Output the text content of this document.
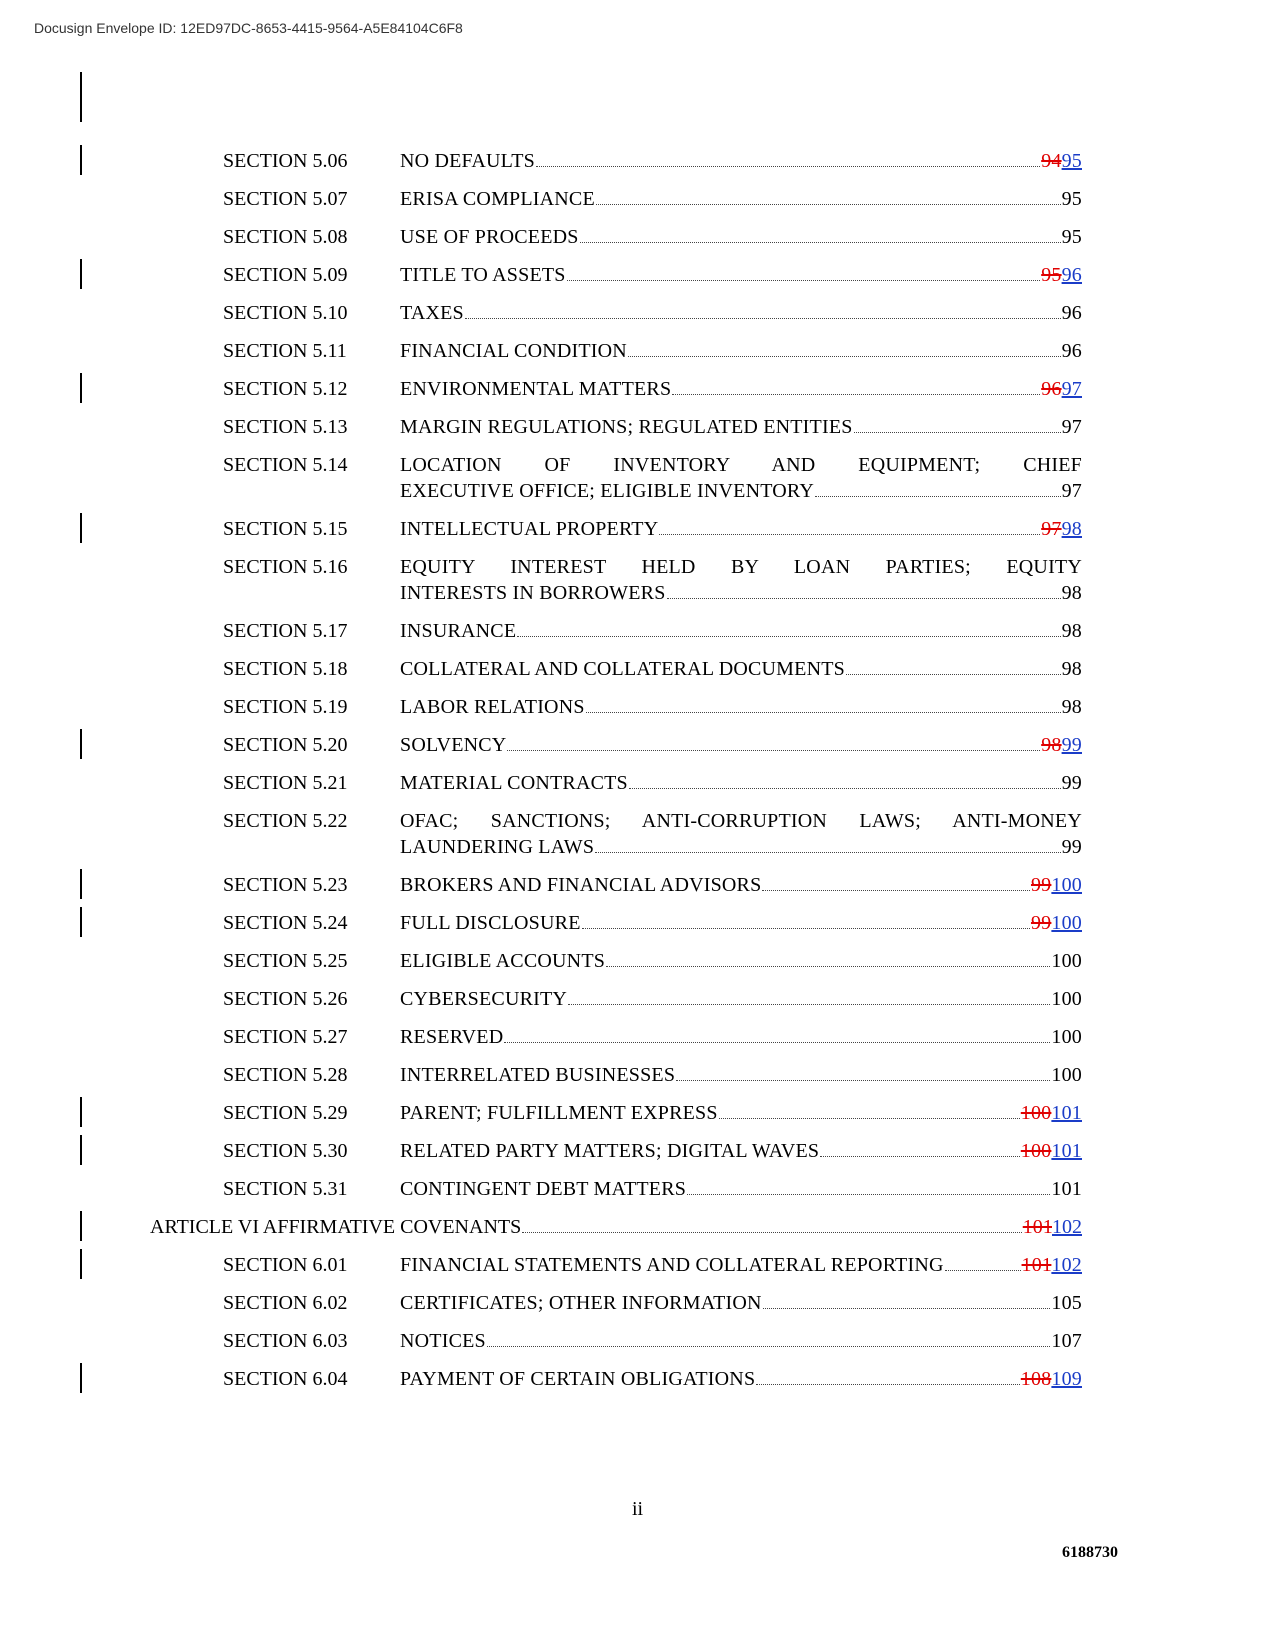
Docusign Envelope ID: 12ED97DC-8653-4415-9564-A5E84104C6F8
SECTION 5.06	NO DEFAULTS	9495
SECTION 5.07	ERISA COMPLIANCE	95
SECTION 5.08	USE OF PROCEEDS	95
SECTION 5.09	TITLE TO ASSETS	9596
SECTION 5.10	TAXES	96
SECTION 5.11	FINANCIAL CONDITION	96
SECTION 5.12	ENVIRONMENTAL MATTERS	9697
SECTION 5.13	MARGIN REGULATIONS; REGULATED ENTITIES	97
SECTION 5.14	LOCATION OF INVENTORY AND EQUIPMENT; CHIEF
EXECUTIVE OFFICE; ELIGIBLE INVENTORY	97
SECTION 5.15	INTELLECTUAL PROPERTY	9798
SECTION 5.16	EQUITY INTEREST HELD BY LOAN PARTIES; EQUITY
INTERESTS IN BORROWERS	98
SECTION 5.17	INSURANCE	98
SECTION 5.18	COLLATERAL AND COLLATERAL DOCUMENTS	98
SECTION 5.19	LABOR RELATIONS	98
SECTION 5.20	SOLVENCY	9899
SECTION 5.21	MATERIAL CONTRACTS	99
SECTION 5.22	OFAC; SANCTIONS; ANTI-CORRUPTION LAWS; ANTI-MONEY
LAUNDERING LAWS	99
SECTION 5.23	BROKERS AND FINANCIAL ADVISORS	99100
SECTION 5.24	FULL DISCLOSURE	99100
SECTION 5.25	ELIGIBLE ACCOUNTS	100
SECTION 5.26	CYBERSECURITY	100
SECTION 5.27	RESERVED	100
SECTION 5.28	INTERRELATED BUSINESSES	100
SECTION 5.29	PARENT; FULFILLMENT EXPRESS	100101
SECTION 5.30	RELATED PARTY MATTERS; DIGITAL WAVES	100101
SECTION 5.31	CONTINGENT DEBT MATTERS	101
ARTICLE VI AFFIRMATIVE COVENANTS	101102
SECTION 6.01	FINANCIAL STATEMENTS AND COLLATERAL REPORTING	101102
SECTION 6.02	CERTIFICATES; OTHER INFORMATION	105
SECTION 6.03	NOTICES	107
SECTION 6.04	PAYMENT OF CERTAIN OBLIGATIONS	108109
ii
6188730
